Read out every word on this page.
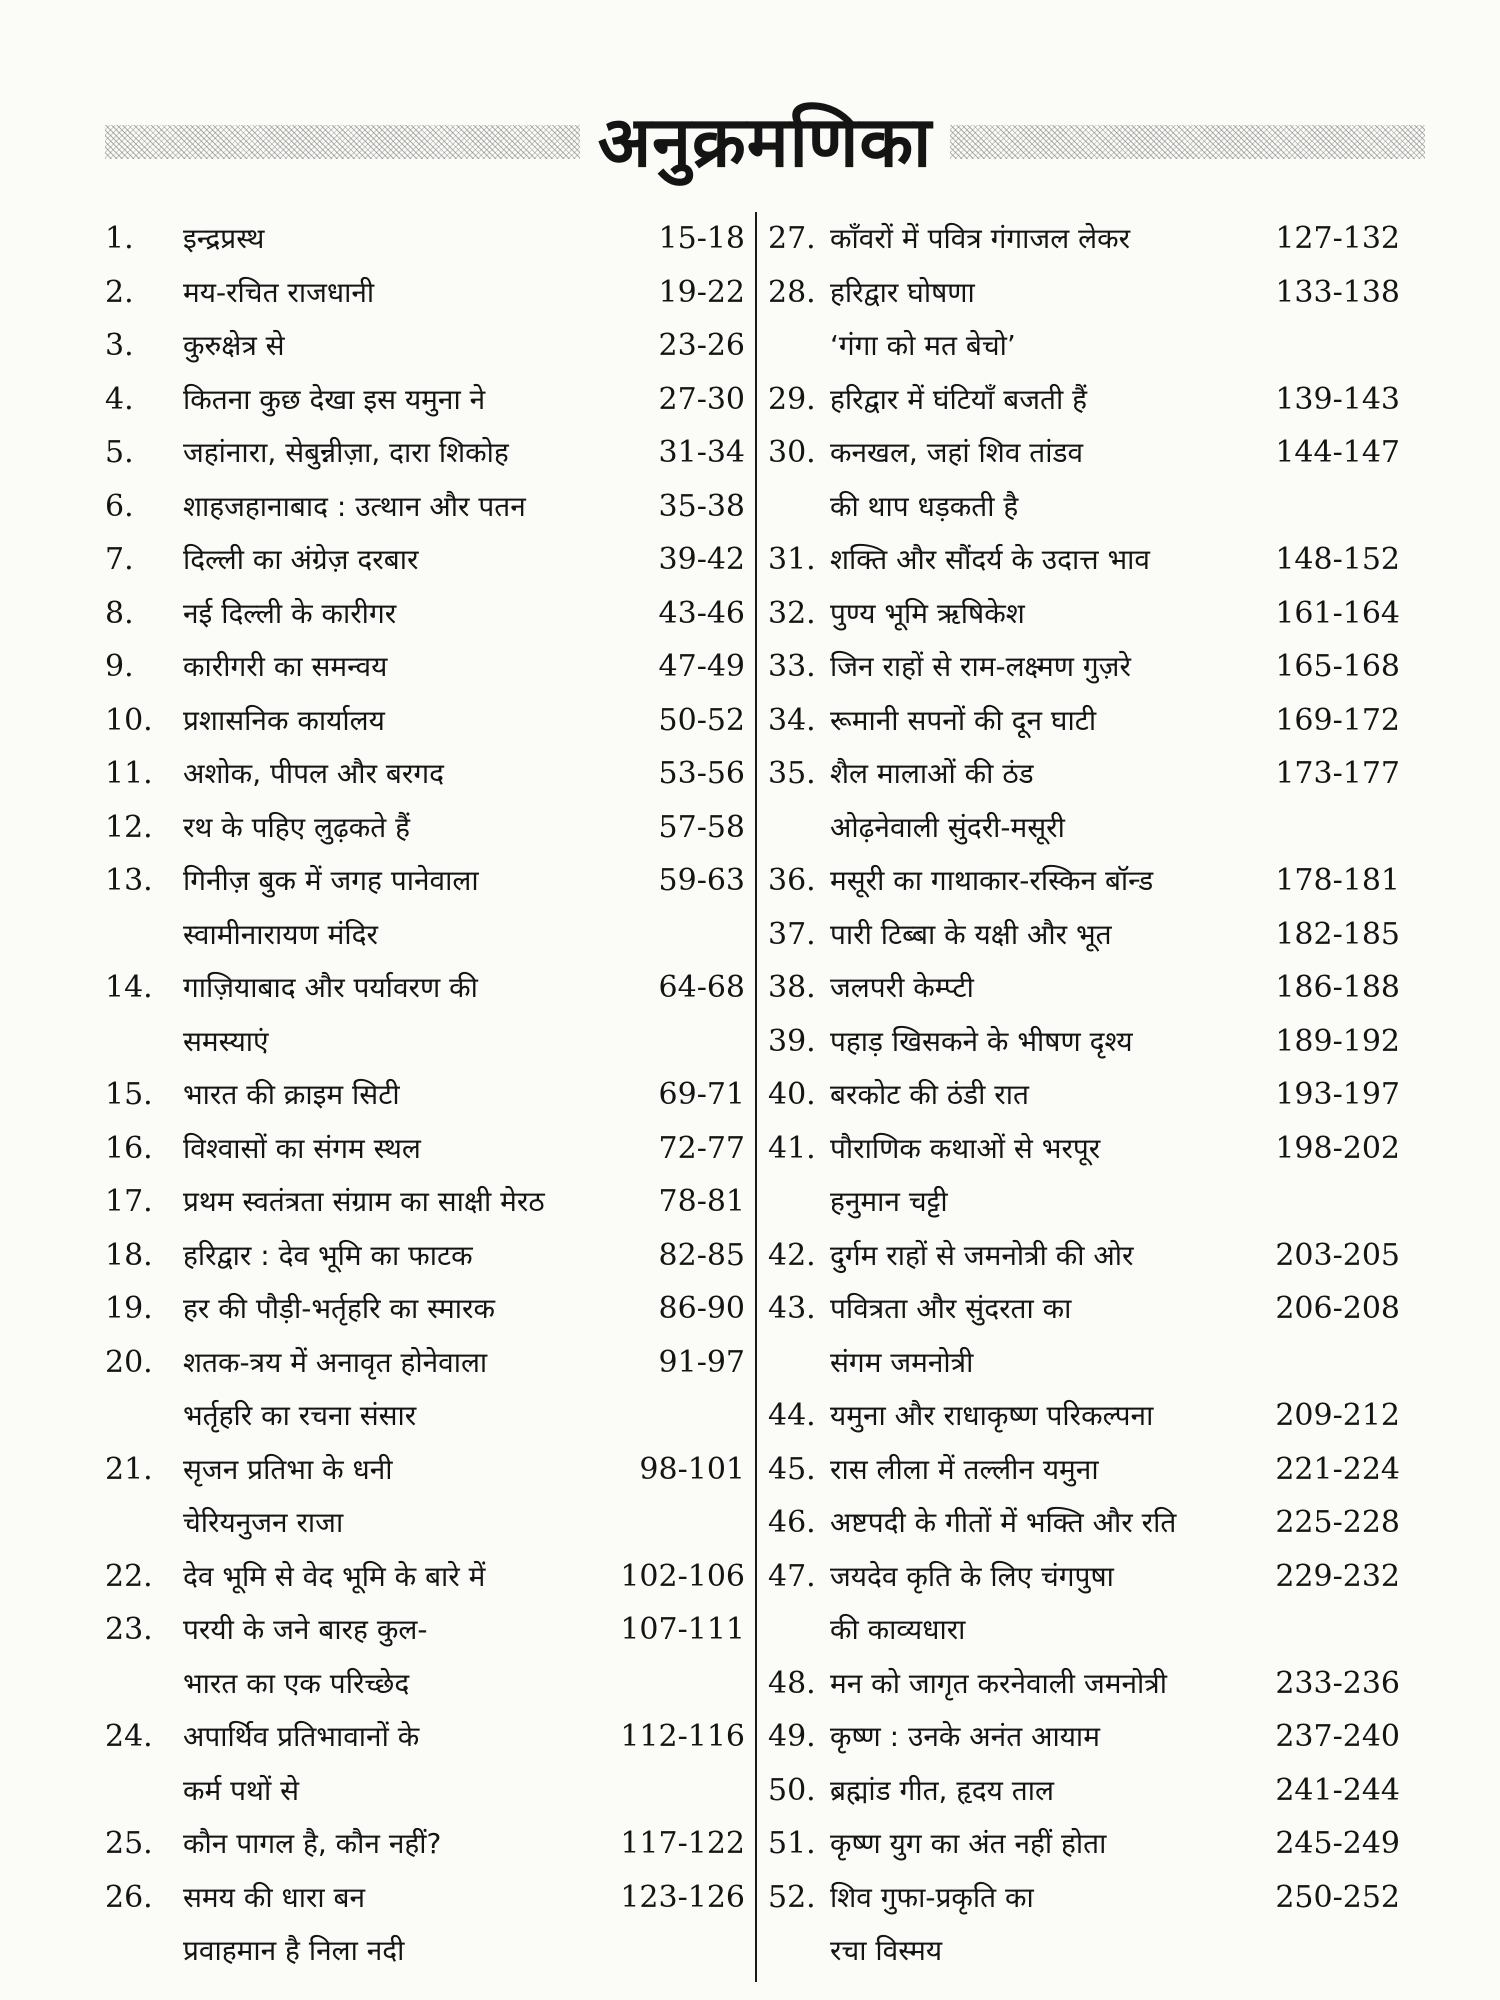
अनुक्रमणिका
1.	इन्द्रप्रस्थ	15-18
2.	मय-रचित राजधानी	19-22
3.	कुरुक्षेत्र से	23-26
4.	कितना कुछ देखा इस यमुना ने	27-30
5.	जहांनारा, सेबुन्नीज़ा, दारा शिकोह	31-34
6.	शाहजहानाबाद : उत्थान और पतन	35-38
7.	दिल्ली का अंग्रेज़ दरबार	39-42
8.	नई दिल्ली के कारीगर	43-46
9.	कारीगरी का समन्वय	47-49
10.	प्रशासनिक कार्यालय	50-52
11.	अशोक, पीपल और बरगद	53-56
12.	रथ के पहिए लुढ़कते हैं	57-58
13.	गिनीज़ बुक में जगह पानेवाला	59-63
स्वामीनारायण मंदिर
14.	गाज़ियाबाद और पर्यावरण की	64-68
समस्याएं
15.	भारत की क्राइम सिटी	69-71
16.	विश्वासों का संगम स्थल	72-77
17.	प्रथम स्वतंत्रता संग्राम का साक्षी मेरठ	78-81
18.	हरिद्वार : देव भूमि का फाटक	82-85
19.	हर की पौड़ी-भर्तृहरि का स्मारक	86-90
20.	शतक-त्रय में अनावृत होनेवाला	91-97
भर्तृहरि का रचना संसार
21.	सृजन प्रतिभा के धनी	98-101
चेरियनुजन राजा
22.	देव भूमि से वेद भूमि के बारे में	102-106
23.	परयी के जने बारह कुल-	107-111
भारत का एक परिच्छेद
24.	अपार्थिव प्रतिभावानों के	112-116
कर्म पथों से
25.	कौन पागल है, कौन नहीं?	117-122
26.	समय की धारा बन	123-126
प्रवाहमान है निला नदी
27. काँवरों में पवित्र गंगाजल लेकर	127-132
28. हरिद्वार घोषणा	133-138
‘गंगा को मत बेचो’
29. हरिद्वार में घंटियाँ बजती हैं	139-143
30. कनखल, जहां शिव तांडव	144-147
की थाप धड़कती है
31. शक्ति और सौंदर्य के उदात्त भाव	148-152
32. पुण्य भूमि ऋषिकेश	161-164
33. जिन राहों से राम-लक्ष्मण गुज़रे	165-168
34. रूमानी सपनों की दून घाटी	169-172
35. शैल मालाओं की ठंड	173-177
ओढ़नेवाली सुंदरी-मसूरी
36. मसूरी का गाथाकार-रस्किन बॉन्ड	178-181
37. पारी टिब्बा के यक्षी और भूत	182-185
38. जलपरी केम्प्टी	186-188
39. पहाड़ खिसकने के भीषण दृश्य	189-192
40. बरकोट की ठंडी रात	193-197
41. पौराणिक कथाओं से भरपूर	198-202
हनुमान चट्टी
42. दुर्गम राहों से जमनोत्री की ओर	203-205
43. पवित्रता और सुंदरता का	206-208
संगम जमनोत्री
44. यमुना और राधाकृष्ण परिकल्पना	209-212
45. रास लीला में तल्लीन यमुना	221-224
46. अष्टपदी के गीतों में भक्ति और रति	225-228
47. जयदेव कृति के लिए चंगपुषा	229-232
की काव्यधारा
48. मन को जागृत करनेवाली जमनोत्री	233-236
49. कृष्ण : उनके अनंत आयाम	237-240
50. ब्रह्मांड गीत, हृदय ताल	241-244
51. कृष्ण युग का अंत नहीं होता	245-249
52. शिव गुफा-प्रकृति का	250-252
रचा विस्मय
